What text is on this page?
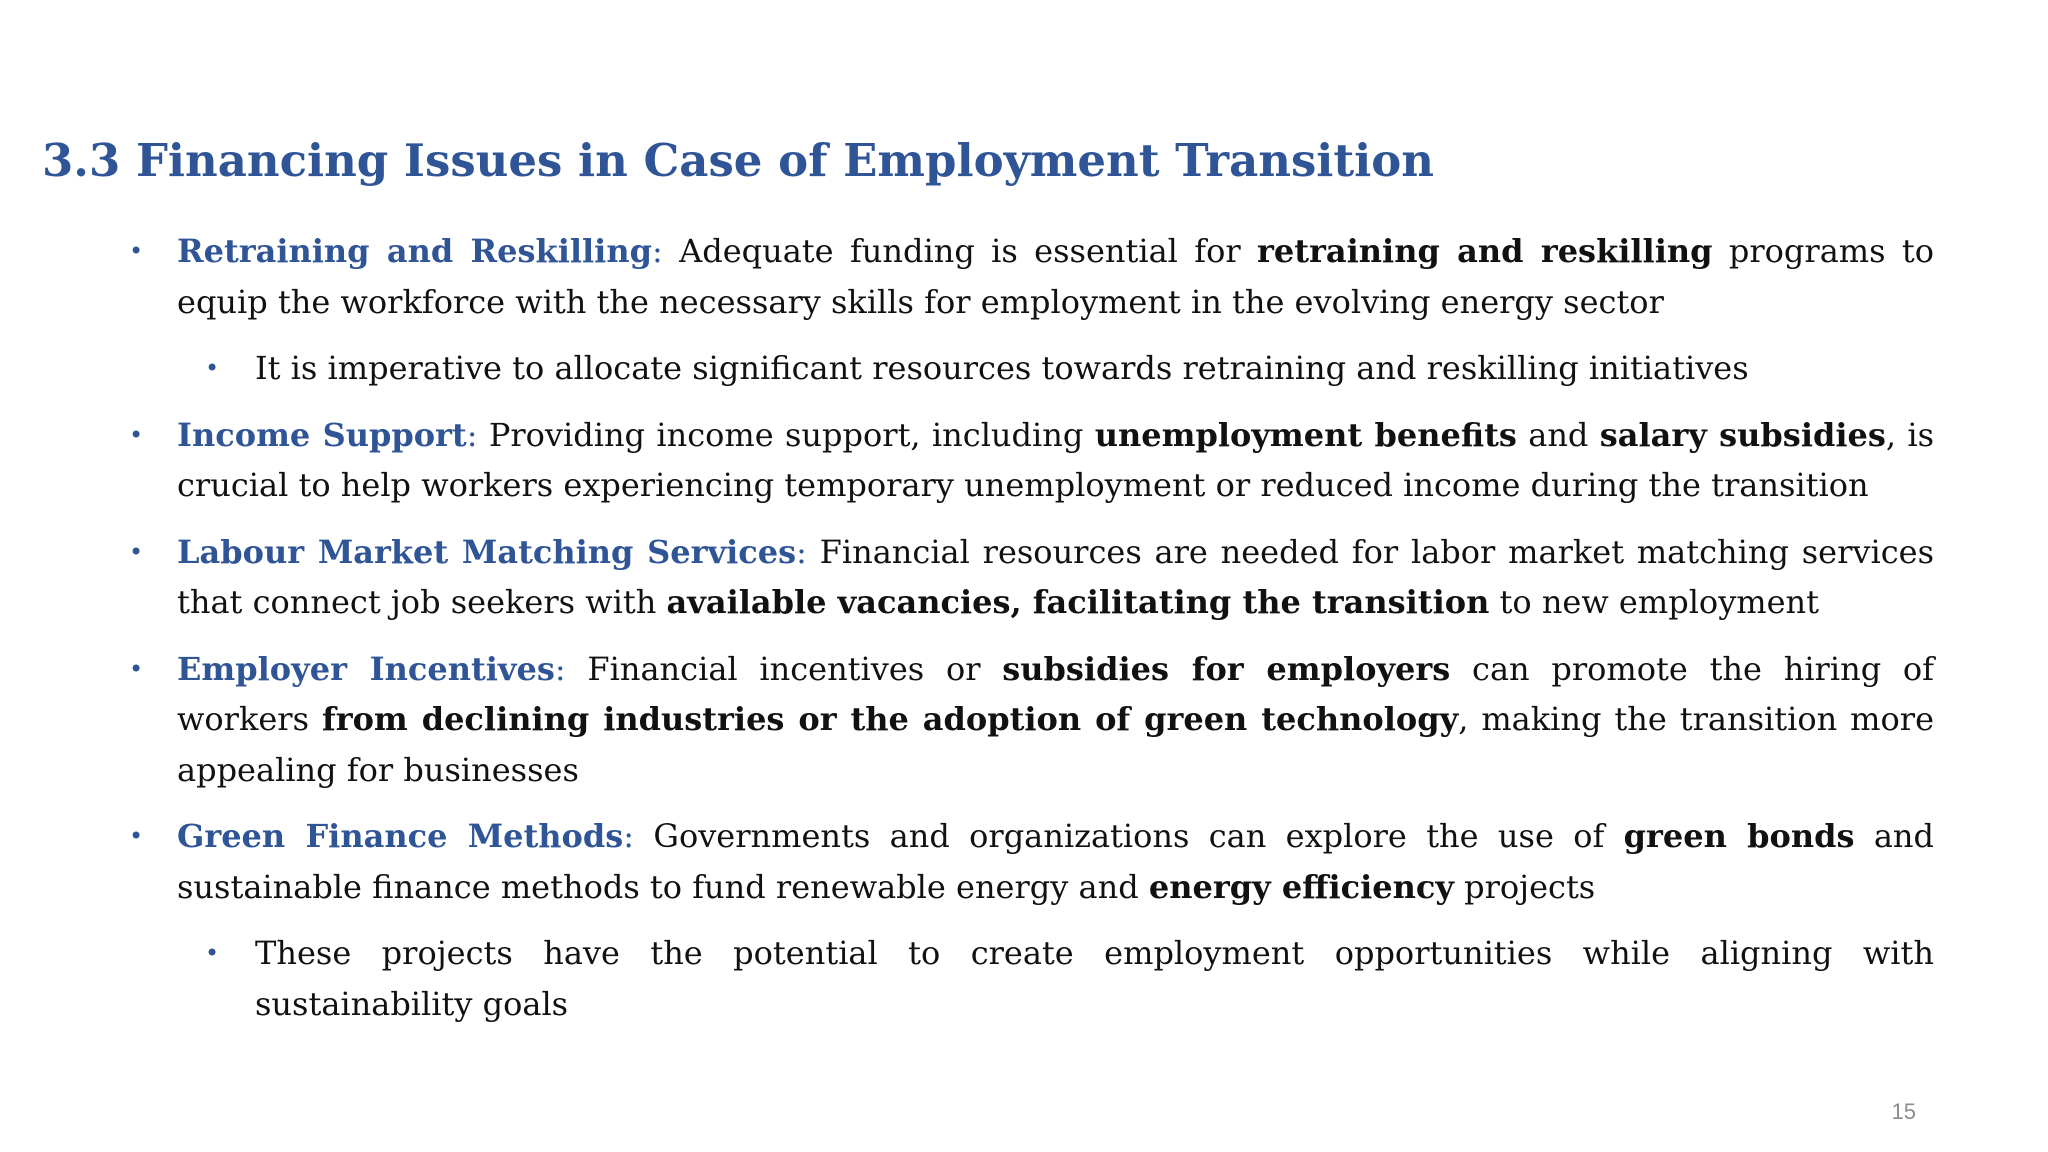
3.3 Financing Issues in Case of Employment Transition
• Retraining and Reskilling: Adequate funding is essential for retraining and reskilling programs to equip the workforce with the necessary skills for employment in the evolving energy sector
• It is imperative to allocate significant resources towards retraining and reskilling initiatives
• Income Support: Providing income support, including unemployment benefits and salary subsidies, is crucial to help workers experiencing temporary unemployment or reduced income during the transition
• Labour Market Matching Services: Financial resources are needed for labor market matching services that connect job seekers with available vacancies, facilitating the transition to new employment
• Employer Incentives: Financial incentives or subsidies for employers can promote the hiring of workers from declining industries or the adoption of green technology, making the transition more appealing for businesses
• Green Finance Methods: Governments and organizations can explore the use of green bonds and sustainable finance methods to fund renewable energy and energy efficiency projects
• These projects have the potential to create employment opportunities while aligning with sustainability goals
15
